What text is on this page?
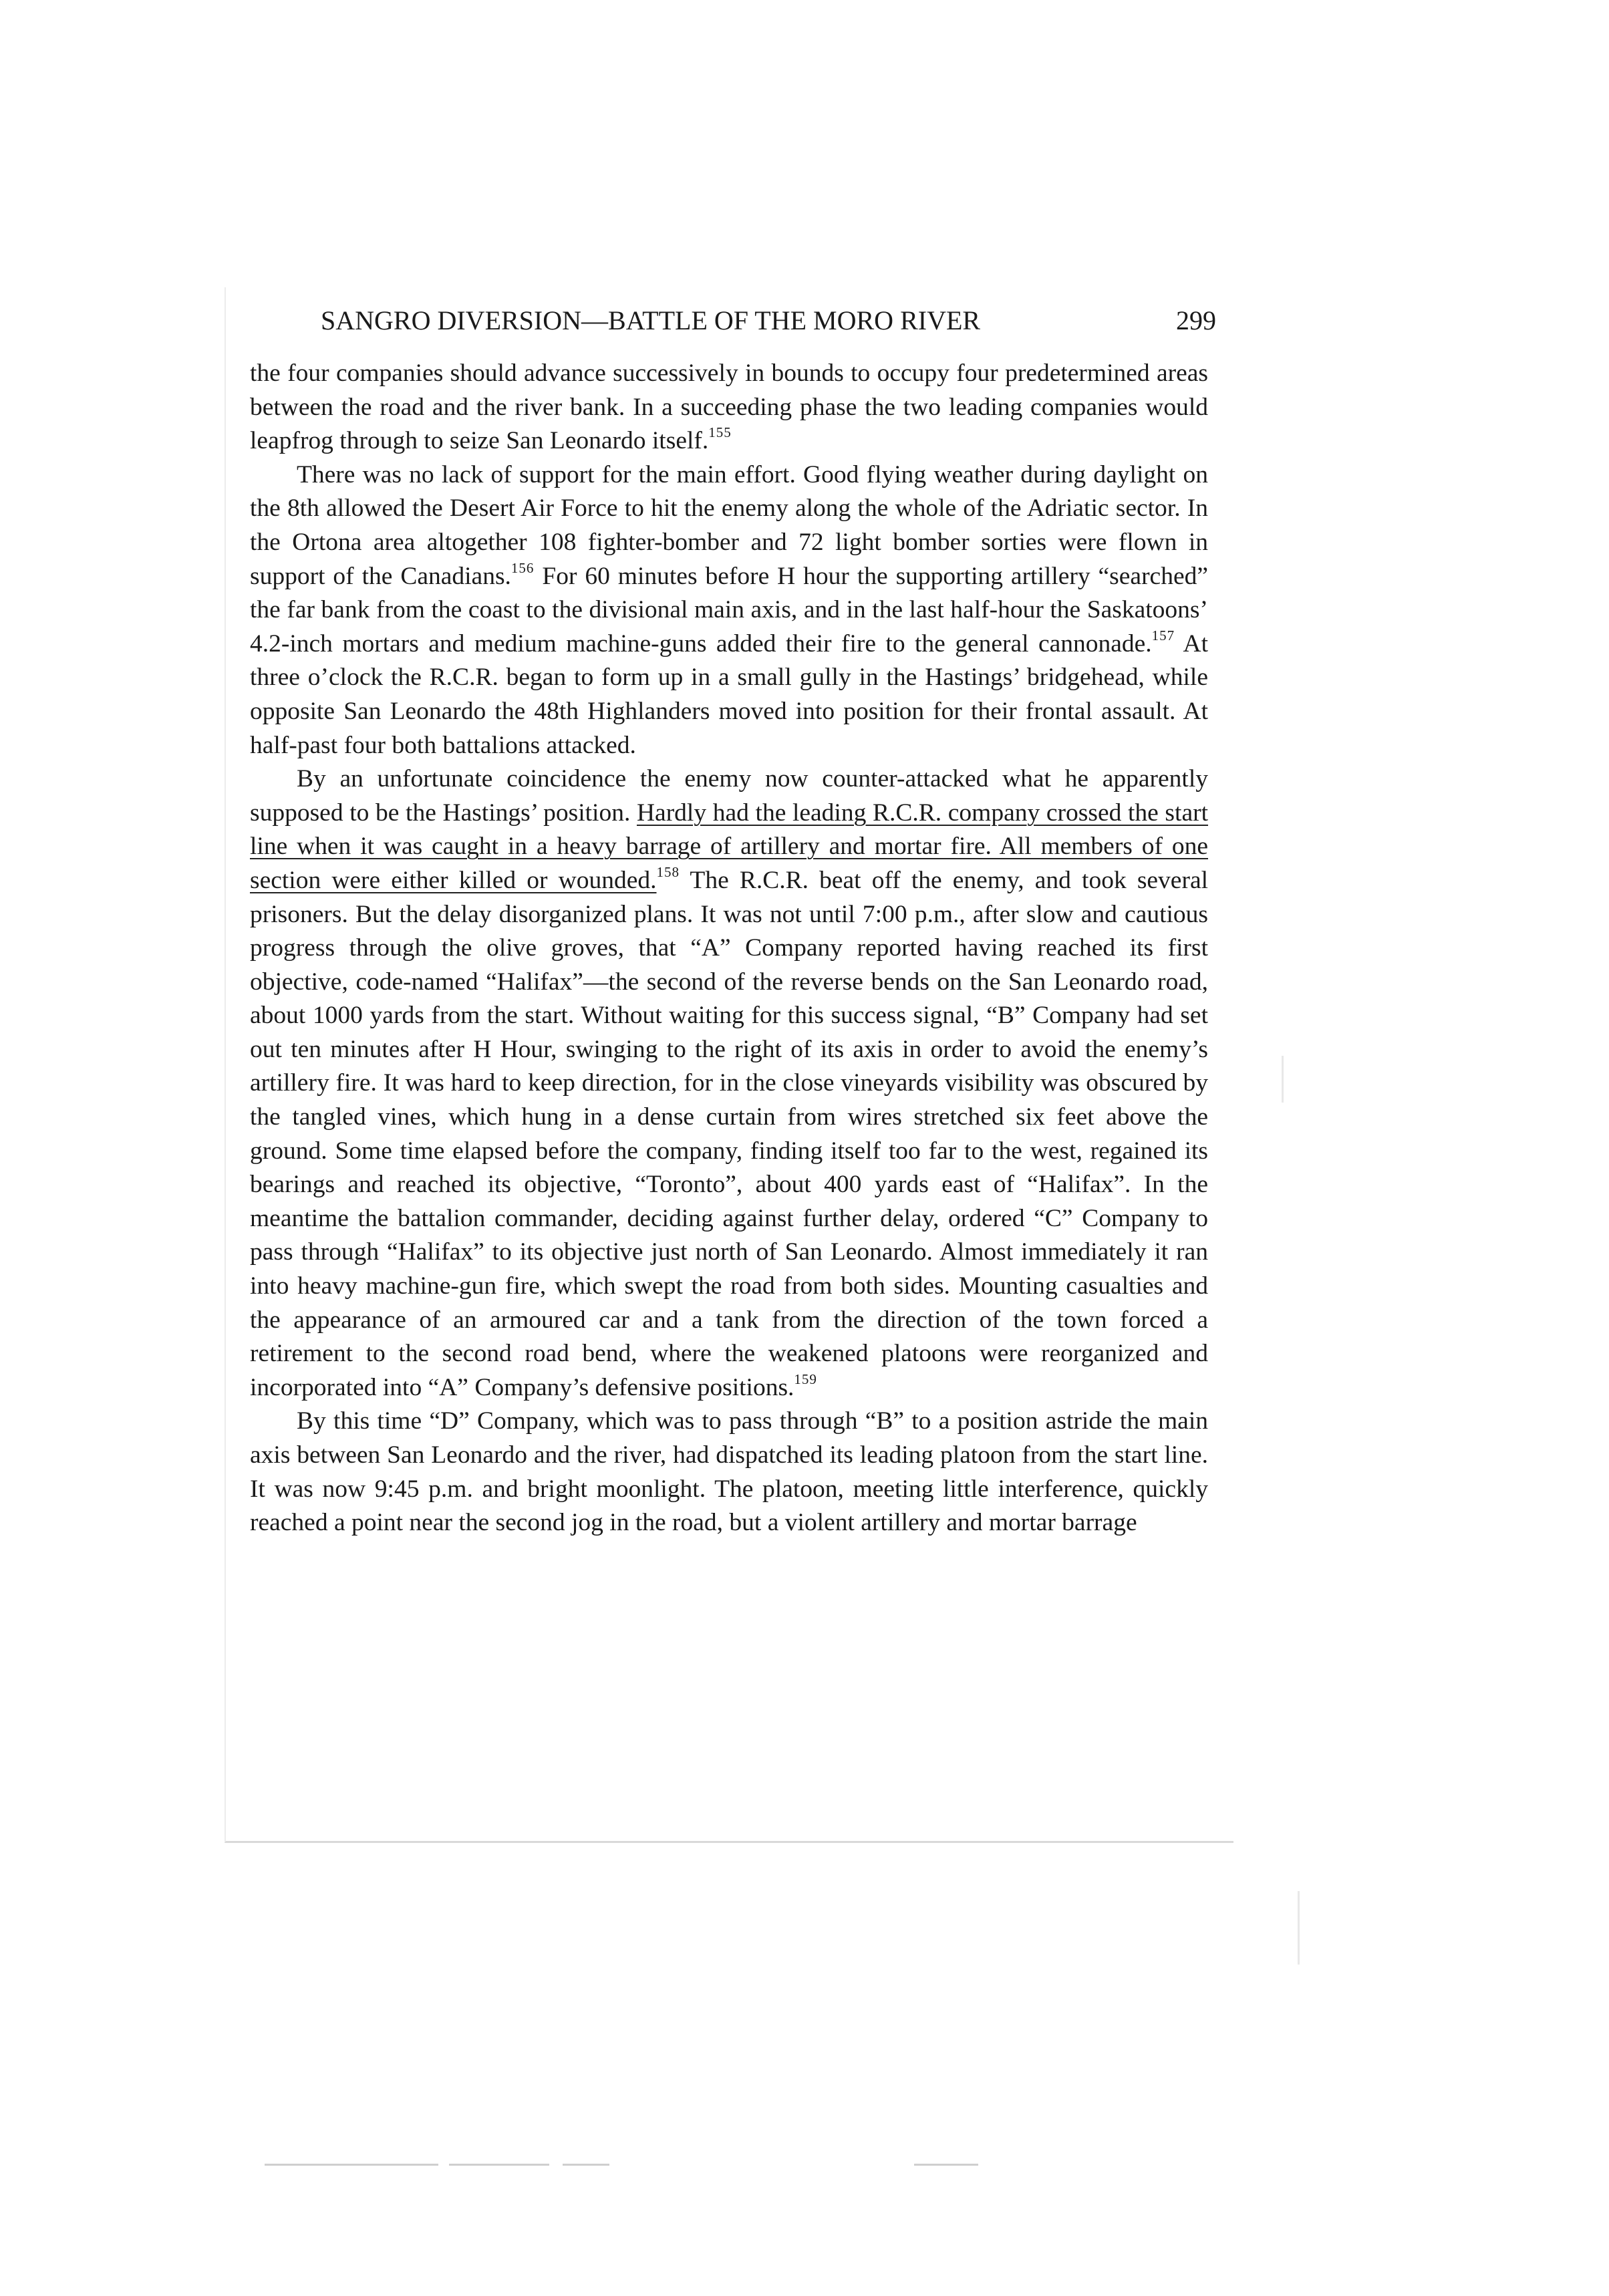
SANGRO DIVERSION—BATTLE OF THE MORO RIVER	299

the four companies should advance successively in bounds to occupy four predetermined areas between the road and the river bank. In a succeeding phase the two leading companies would leapfrog through to seize San Leonardo itself.$^{155}$

There was no lack of support for the main effort. Good flying weather during daylight on the 8th allowed the Desert Air Force to hit the enemy along the whole of the Adriatic sector. In the Ortona area altogether 108 fighter-bomber and 72 light bomber sorties were flown in support of the Canadians.$^{156}$ For 60 minutes before H hour the supporting artillery “searched” the far bank from the coast to the divisional main axis, and in the last half-hour the Saskatoons’ 4.2-inch mortars and medium machine-guns added their fire to the general cannonade.$^{157}$ At three o’clock the R.C.R. began to form up in a small gully in the Hastings’ bridgehead, while opposite San Leonardo the 48th Highlanders moved into position for their frontal assault. At half-past four both battalions attacked.

By an unfortunate coincidence the enemy now counter-attacked what he apparently supposed to be the Hastings’ position. Hardly had the leading R.C.R. company crossed the start line when it was caught in a heavy barrage of artillery and mortar fire. All members of one section were either killed or wounded.$^{158}$ The R.C.R. beat off the enemy, and took several prisoners. But the delay disorganized plans. It was not until 7:00 p.m., after slow and cautious progress through the olive groves, that “A” Company reported having reached its first objective, code-named “Halifax”—the second of the reverse bends on the San Leonardo road, about 1000 yards from the start. Without waiting for this success signal, “B” Company had set out ten minutes after H Hour, swinging to the right of its axis in order to avoid the enemy’s artillery fire. It was hard to keep direction, for in the close vineyards visibility was obscured by the tangled vines, which hung in a dense curtain from wires stretched six feet above the ground. Some time elapsed before the company, finding itself too far to the west, regained its bearings and reached its objective, “Toronto”, about 400 yards east of “Halifax”. In the meantime the battalion commander, deciding against further delay, ordered “C” Company to pass through “Halifax” to its objective just north of San Leonardo. Almost immediately it ran into heavy machine-gun fire, which swept the road from both sides. Mounting casualties and the appearance of an armoured car and a tank from the direction of the town forced a retirement to the second road bend, where the weakened platoons were reorganized and incorporated into “A” Company’s defensive positions.$^{159}$

By this time “D” Company, which was to pass through “B” to a position astride the main axis between San Leonardo and the river, had dispatched its leading platoon from the start line. It was now 9:45 p.m. and bright moonlight. The platoon, meeting little interference, quickly reached a point near the second jog in the road, but a violent artillery and mortar barrage
